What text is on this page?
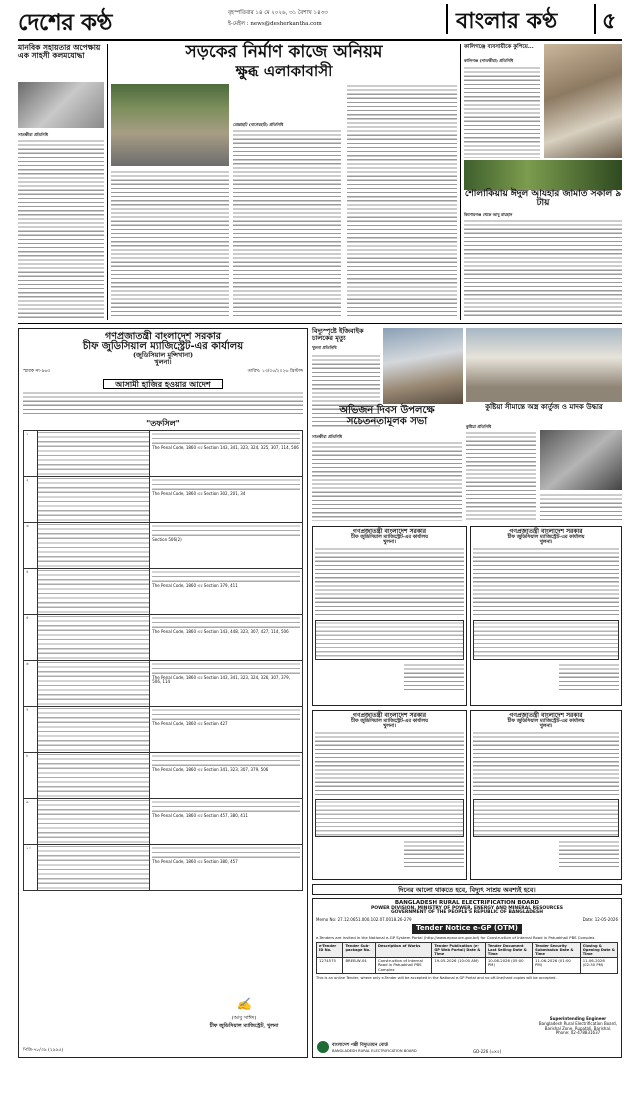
দেশের কণ্ঠ	বৃহস্পতিবার ১৪ মে ২০২৬, ৩১ বৈশাখ ১৪৩৩
ই-মেইল : news@desherkantha.com	বাংলার কণ্ঠ ৫
মানবিক সহায়তার অপেক্ষায় এক সাহসী কলমযোদ্ধা
সাতক্ষীরা প্রতিনিধি
সড়কের নির্মাণ কাজে অনিয়ম
ক্ষুব্ধ এলাকাবাসী
মোল্লাহাট (বাগেরহাট) প্রতিনিধি
কালিগঞ্জে ব্যবসায়ীকে কুপিয়ে...
কালিগঞ্জ (সাতক্ষীরা) প্রতিনিধি
শোলাকিয়ায় ঈদুল আযহার জামাত সকাল ৯ টায়
কিশোরগঞ্জ থেকে আবু রায়হান
গণপ্রজাতন্ত্রী বাংলাদেশ সরকার
চীফ জুডিসিয়াল ম্যাজিস্ট্রেট-এর কার্যালয়
(জুডিসিয়াল মুন্সিখানা)
খুলনা।
স্মারক নং-৯৬৩	তারিখ: ১৩/০৫/২০২৬ খ্রিস্টাব্দ
আসামী হাজির হওয়ার আদেশ
"তফসিল"
১		The Penal Code, 1860 এর Section 143, 341, 323, 324, 325, 307, 114, 506
২		The Penal Code, 1860 এর Section 302, 201, 34
৩		Section 506(2)
৪		The Penal Code, 1860 এর Section 379, 411
৫		The Penal Code, 1860 এর Section 143, 448, 323, 307, 427, 114, 506
৬		The Penal Code, 1860 এর Section 143, 341, 323, 324, 326, 307, 379, 506, 114
৭		The Penal Code, 1860 এর Section 427
৮		The Penal Code, 1860 এর Section 341, 323, 307, 379, 506
৯		The Penal Code, 1860 এর Section 457, 380, 411
১০		The Penal Code, 1860 এর Section 380, 457
✍
(আবু সাঈদ)
চীফ জুডিসিয়াল ম্যাজিস্ট্রেট, খুলনা
পিডি-৭৮/৩৯ (২৯৯৫)
বিদ্যুস্পৃষ্টে ইজিবাইক চালকের মৃত্যু
খুলনা প্রতিনিধি
অভিজন দিবস উপলক্ষে সচেতনতামূলক সভা
সাতক্ষীরা প্রতিনিধি
কুষ্টিয়া সীমান্তে অস্ত্র কার্তুজ ও মাদক উদ্ধার
কুষ্টিয়া প্রতিনিধি
গণপ্রজাতন্ত্রী বাংলাদেশ সরকার
চীফ জুডিসিয়াল ম্যাজিস্ট্রেট-এর কার্যালয়
খুলনা।
গণপ্রজাতন্ত্রী বাংলাদেশ সরকার
চীফ জুডিসিয়াল ম্যাজিস্ট্রেট-এর কার্যালয়
খুলনা।
গণপ্রজাতন্ত্রী বাংলাদেশ সরকার
চীফ জুডিসিয়াল ম্যাজিস্ট্রেট-এর কার্যালয়
খুলনা।
গণপ্রজাতন্ত্রী বাংলাদেশ সরকার
চীফ জুডিসিয়াল ম্যাজিস্ট্রেট-এর কার্যালয়
খুলনা।
দিনের আলো থাকতে হবে, বিদ্যুৎ সাশ্রয় অবশ্যই হবে।
BANGLADESH RURAL ELECTRIFICATION BOARD
POWER DIVISION, MINISTRY OF POWER, ENERGY AND MINERAL RESOURCES
GOVERNMENT OF THE PEOPLE'S REPUBLIC OF BANGLADESH
Memo No: 27.12.0651.000.102.07.0018.26-279	Date: 12-05-2026
Tender Notice e-GP (OTM)
e-Tenders are invited in the National e-GP System Portal (http://www.eprocure.gov.bd) for Construction of Internal Road in Patuakhali PBS Complex.
e-Tender ID No.	Tender Sub-package No.	Description of Works	Tender Publication (e-GP Web Portal) Date & Time	Tender Document Last Selling Date & Time	Tender Security Submission Date & Time	Closing & Opening Date & Time
1274575	BREB-W-04	Construction of Internal Road in Patuakhali PBS Complex	19-05-2026 (10:00 AM)	10-06-2026 (05:00 PM)	11-06-2026 (01:00 PM)	11-06-2026 (02:30 PM)
This is an online Tender, where only e-Tender will be accepted in the National e-GP Portal and no off-line/hard copies will be accepted.
Superintending Engineer
Bangladesh Rural Electrification Board,
Barishal Zone, Rupatali, Barishal.
Phone: 02-478831637
বাংলাদেশ পল্লী বিদ্যুতায়ন বোর্ড
BANGLADESH RURAL ELECTRIFICATION BOARD	GD-226 (৩×৫)
